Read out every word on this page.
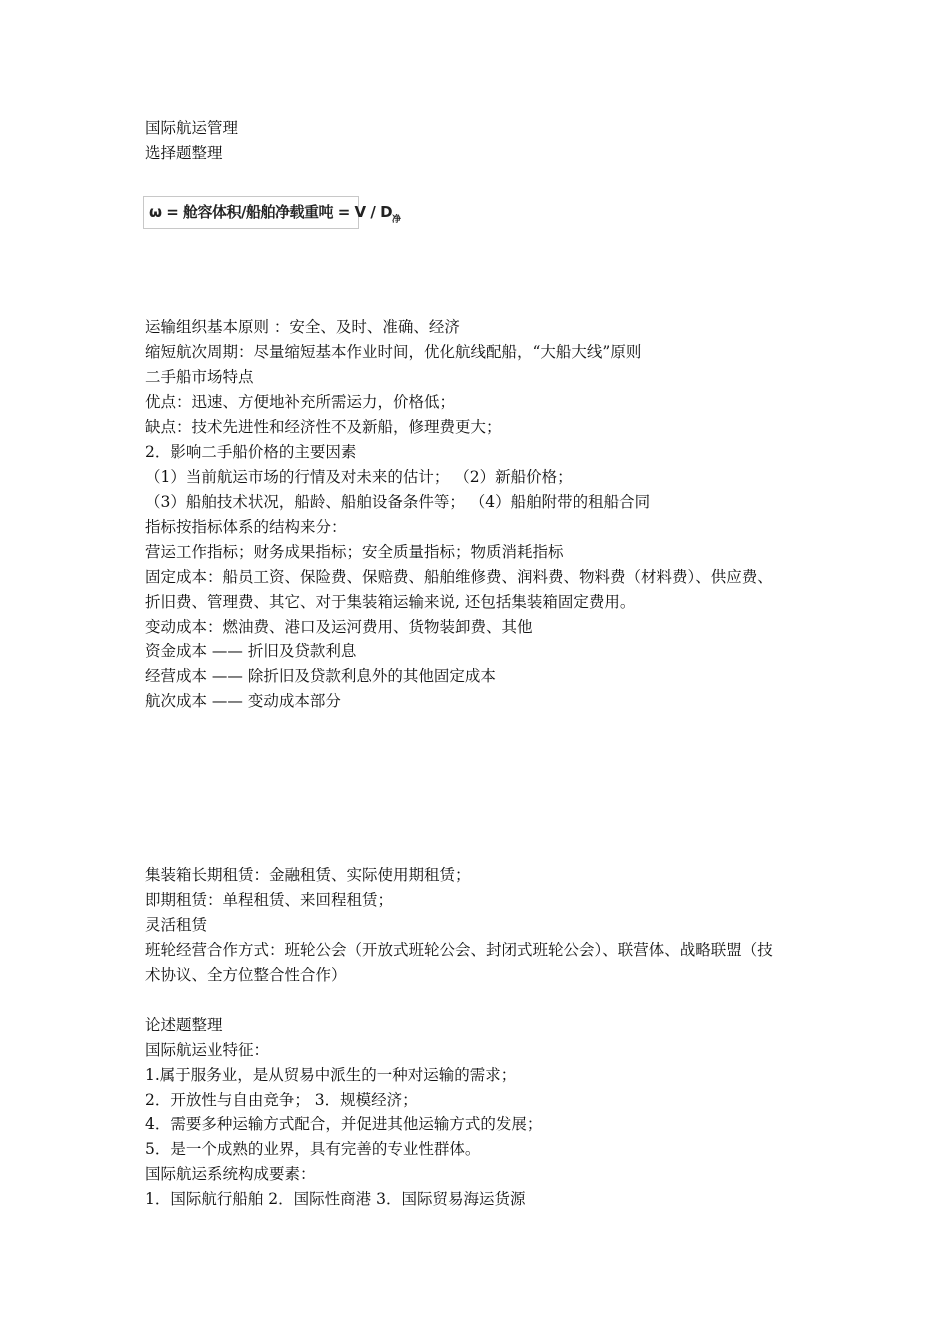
国际航运管理
选择题整理
ω = 舱容体积/船舶净载重吨 = V / $D_净$
运输组织基本原则 ：安全、及时、准确、经济
缩短航次周期：尽量缩短基本作业时间，优化航线配船，“大船大线”原则
二手船市场特点
优点：迅速、方便地补充所需运力，价格低；
缺点：技术先进性和经济性不及新船，修理费更大；
2．影响二手船价格的主要因素
（1）当前航运市场的行情及对未来的估计； （2）新船价格；
（3）船舶技术状况，船龄、船舶设备条件等； （4）船舶附带的租船合同
指标按指标体系的结构来分：
营运工作指标；财务成果指标；安全质量指标；物质消耗指标
固定成本：船员工资、保险费、保赔费、船舶维修费、润料费、物料费（材料费）、供应费、
折旧费、管理费、其它、对于集装箱运输来说, 还包括集装箱固定费用。
变动成本：燃油费、港口及运河费用、货物装卸费、其他
资金成本 —— 折旧及贷款利息
经营成本 —— 除折旧及贷款利息外的其他固定成本
航次成本 —— 变动成本部分
集装箱长期租赁：金融租赁、实际使用期租赁；
即期租赁：单程租赁、来回程租赁；
灵活租赁
班轮经营合作方式：班轮公会（开放式班轮公会、封闭式班轮公会）、联营体、战略联盟（技
术协议、全方位整合性合作）
论述题整理
国际航运业特征：
1.属于服务业，是从贸易中派生的一种对运输的需求；
2．开放性与自由竞争； 3．规模经济；
4．需要多种运输方式配合，并促进其他运输方式的发展；
5．是一个成熟的业界，具有完善的专业性群体。
国际航运系统构成要素：
1．国际航行船舶 2．国际性商港 3．国际贸易海运货源
